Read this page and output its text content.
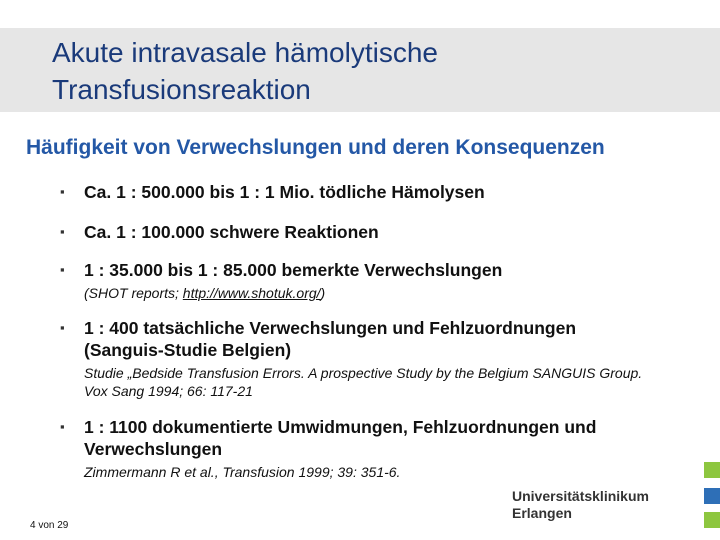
Akute intravasale hämolytische
Transfusionsreaktion
Häufigkeit von Verwechslungen und deren Konsequenzen
▪ Ca. 1 : 500.000 bis 1 : 1 Mio. tödliche Hämolysen
▪ Ca. 1 : 100.000 schwere Reaktionen
▪ 1 : 35.000 bis 1 : 85.000 bemerkte Verwechslungen
(SHOT reports; http://www.shotuk.org/)
▪ 1 : 400 tatsächliche Verwechslungen und Fehlzuordnungen (Sanguis-Studie Belgien)
Studie „Bedside Transfusion Errors. A prospective Study by the Belgium SANGUIS Group. Vox Sang 1994; 66: 117-21
▪ 1 : 1100 dokumentierte Umwidmungen, Fehlzuordnungen und Verwechslungen
Zimmermann R et al., Transfusion 1999; 39: 351-6.
4 von 29
Universitätsklinikum
Erlangen
